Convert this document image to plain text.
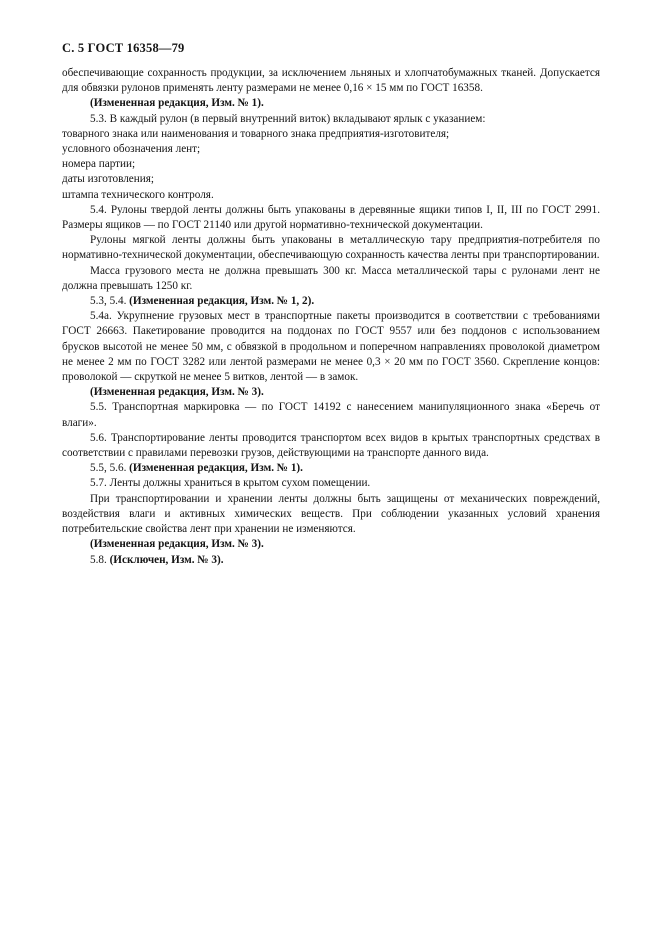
С. 5 ГОСТ 16358—79

обеспечивающие сохранность продукции, за исключением льняных и хлопчатобумажных тканей. Допускается для обвязки рулонов применять ленту размерами не менее 0,16 × 15 мм по ГОСТ 16358.

(Измененная редакция, Изм. № 1).

5.3. В каждый рулон (в первый внутренний виток) вкладывают ярлык с указанием:

товарного знака или наименования и товарного знака предприятия-изготовителя;

условного обозначения лент;

номера партии;

даты изготовления;

штампа технического контроля.

5.4. Рулоны твердой ленты должны быть упакованы в деревянные ящики типов I, II, III по ГОСТ 2991. Размеры ящиков — по ГОСТ 21140 или другой нормативно-технической документации.

Рулоны мягкой ленты должны быть упакованы в металлическую тару предприятия-потребителя по нормативно-технической документации, обеспечивающую сохранность качества ленты при транспортировании.

Масса грузового места не должна превышать 300 кг. Масса металлической тары с рулонами лент не должна превышать 1250 кг.

5.3, 5.4. (Измененная редакция, Изм. № 1, 2).

5.4а. Укрупнение грузовых мест в транспортные пакеты производится в соответствии с требованиями ГОСТ 26663. Пакетирование проводится на поддонах по ГОСТ 9557 или без поддонов с использованием брусков высотой не менее 50 мм, с обвязкой в продольном и поперечном направлениях проволокой диаметром не менее 2 мм по ГОСТ 3282 или лентой размерами не менее 0,3 × 20 мм по ГОСТ 3560. Скрепление концов: проволокой — скруткой не менее 5 витков, лентой — в замок.

(Измененная редакция, Изм. № 3).

5.5. Транспортная маркировка — по ГОСТ 14192 с нанесением манипуляционного знака «Беречь от влаги».

5.6. Транспортирование ленты проводится транспортом всех видов в крытых транспортных средствах в соответствии с правилами перевозки грузов, действующими на транспорте данного вида.

5.5, 5.6. (Измененная редакция, Изм. № 1).

5.7. Ленты должны храниться в крытом сухом помещении.

При транспортировании и хранении ленты должны быть защищены от механических повреждений, воздействия влаги и активных химических веществ. При соблюдении указанных условий хранения потребительские свойства лент при хранении не изменяются.

(Измененная редакция, Изм. № 3).

5.8. (Исключен, Изм. № 3).
